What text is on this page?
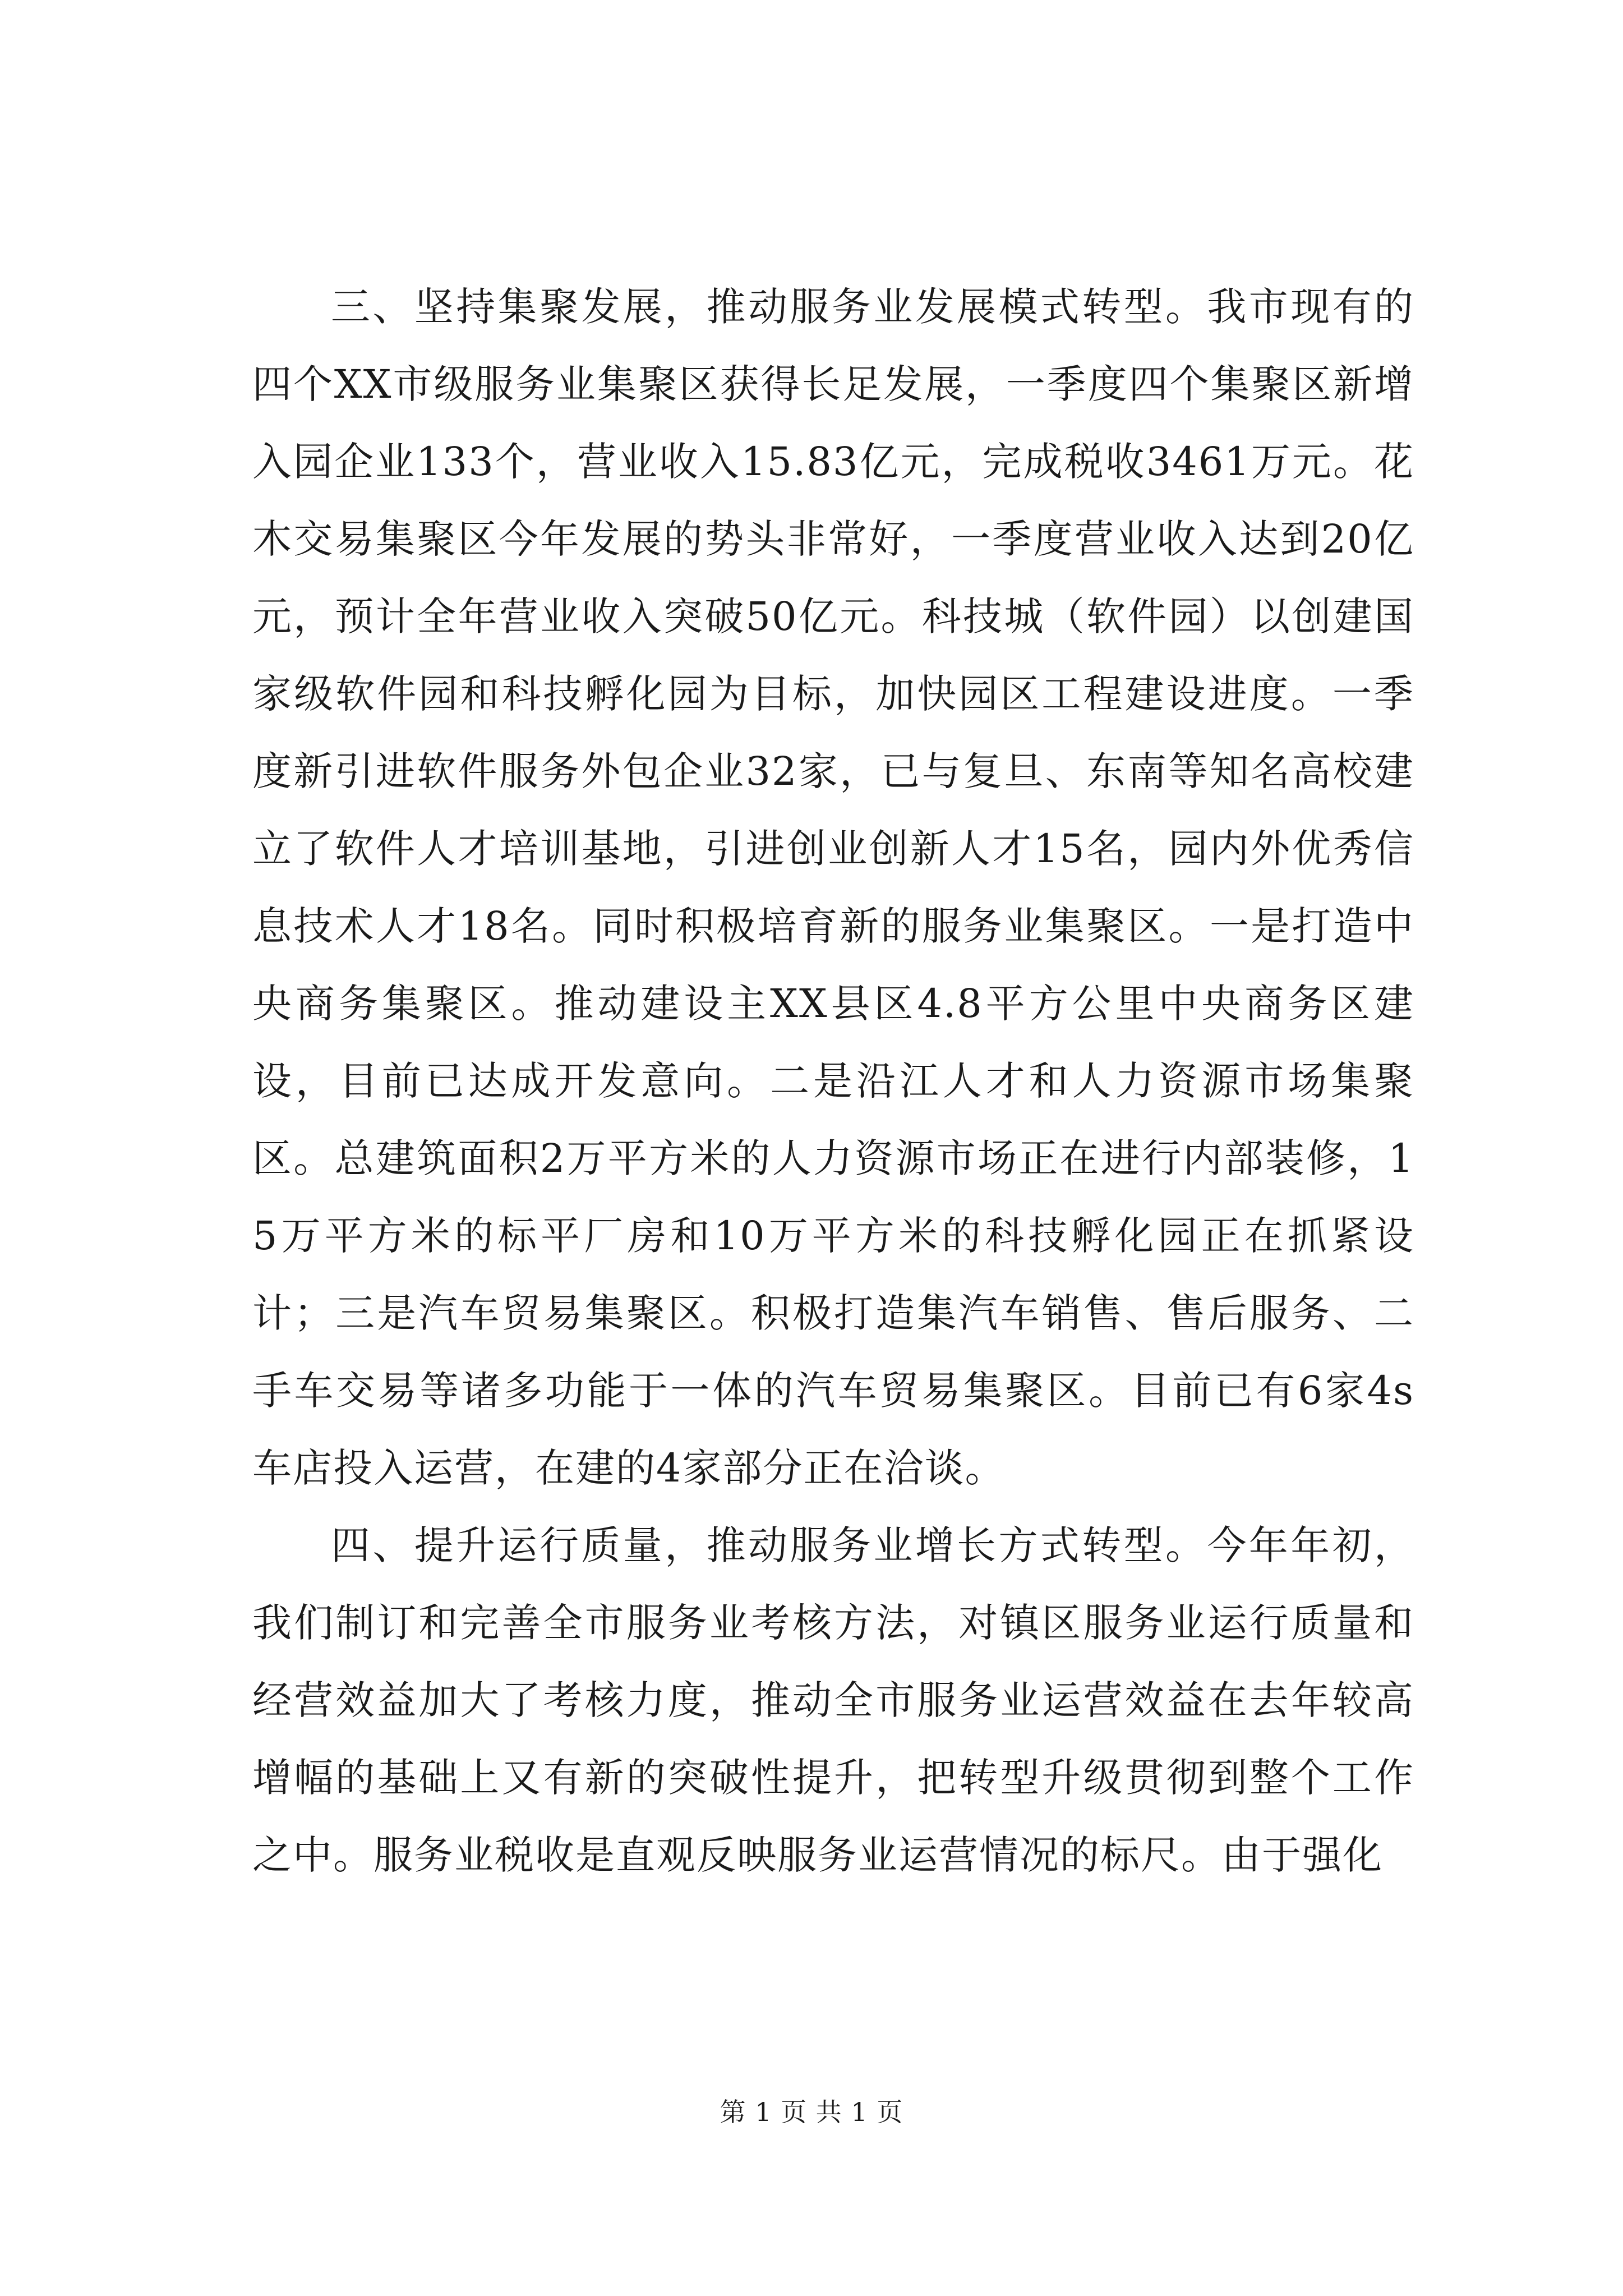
三、坚持集聚发展，推动服务业发展模式转型。我市现有的四个XX市级服务业集聚区获得长足发展，一季度四个集聚区新增入园企业133个，营业收入15.83亿元，完成税收3461万元。花木交易集聚区今年发展的势头非常好，一季度营业收入达到20亿元，预计全年营业收入突破50亿元。科技城（软件园）以创建国家级软件园和科技孵化园为目标，加快园区工程建设进度。一季度新引进软件服务外包企业32家，已与复旦、东南等知名高校建立了软件人才培训基地，引进创业创新人才15名，园内外优秀信息技术人才18名。同时积极培育新的服务业集聚区。一是打造中央商务集聚区。推动建设主XX县区4.8平方公里中央商务区建设，目前已达成开发意向。二是沿江人才和人力资源市场集聚区。总建筑面积2万平方米的人力资源市场正在进行内部装修，15万平方米的标平厂房和10万平方米的科技孵化园正在抓紧设计；三是汽车贸易集聚区。积极打造集汽车销售、售后服务、二手车交易等诸多功能于一体的汽车贸易集聚区。目前已有6家4s车店投入运营，在建的4家部分正在洽谈。

四、提升运行质量，推动服务业增长方式转型。今年年初，我们制订和完善全市服务业考核方法，对镇区服务业运行质量和经营效益加大了考核力度，推动全市服务业运营效益在去年较高增幅的基础上又有新的突破性提升，把转型升级贯彻到整个工作之中。服务业税收是直观反映服务业运营情况的标尺。由于强化

第 1 页 共 1 页
